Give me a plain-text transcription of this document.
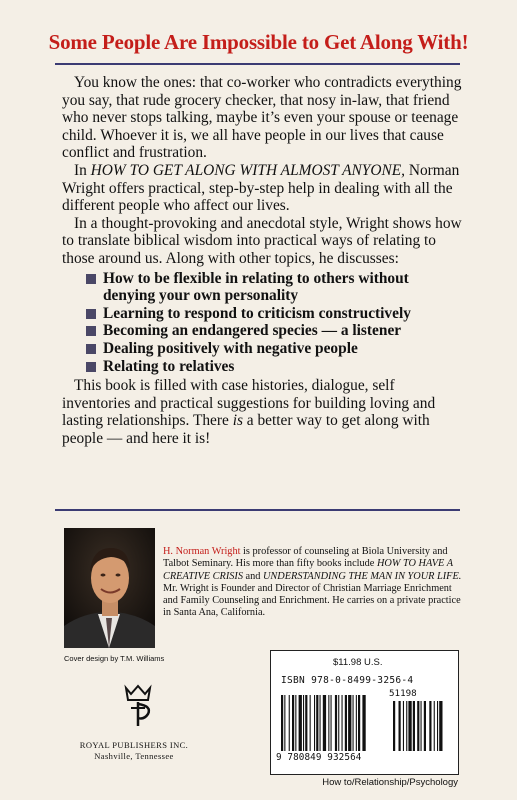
Some People Are Impossible to Get Along With!

You know the ones: that co-worker who contradicts everything you say, that rude grocery checker, that nosy in-law, that friend who never stops talking, maybe it’s even your spouse or teenage child. Whoever it is, we all have people in our lives that cause conflict and frustration.

In HOW TO GET ALONG WITH ALMOST ANYONE, Norman Wright offers practical, step-by-step help in dealing with all the different people who affect our lives.

In a thought-provoking and anecdotal style, Wright shows how to translate biblical wisdom into practical ways of relating to those around us. Along with other topics, he discusses:

How to be flexible in relating to others without denying your own personality
Learning to respond to criticism constructively
Becoming an endangered species — a listener
Dealing positively with negative people
Relating to relatives

This book is filled with case histories, dialogue, self inventories and practical suggestions for building loving and lasting relationships. There is a better way to get along with people — and here it is!

H. Norman Wright is professor of counseling at Biola University and Talbot Seminary. His more than fifty books include HOW TO HAVE A CREATIVE CRISIS and UNDERSTANDING THE MAN IN YOUR LIFE. Mr. Wright is Founder and Director of Christian Marriage Enrichment and Family Counseling and Enrichment. He carries on a private practice in Santa Ana, California.
Cover design by T.M. Williams
ROYAL PUBLISHERS INC.
Nashville, Tennessee
$11.98 U.S.
ISBN 978-0-8499-3256-4
51198
9 780849 932564
How to/Relationship/Psychology
